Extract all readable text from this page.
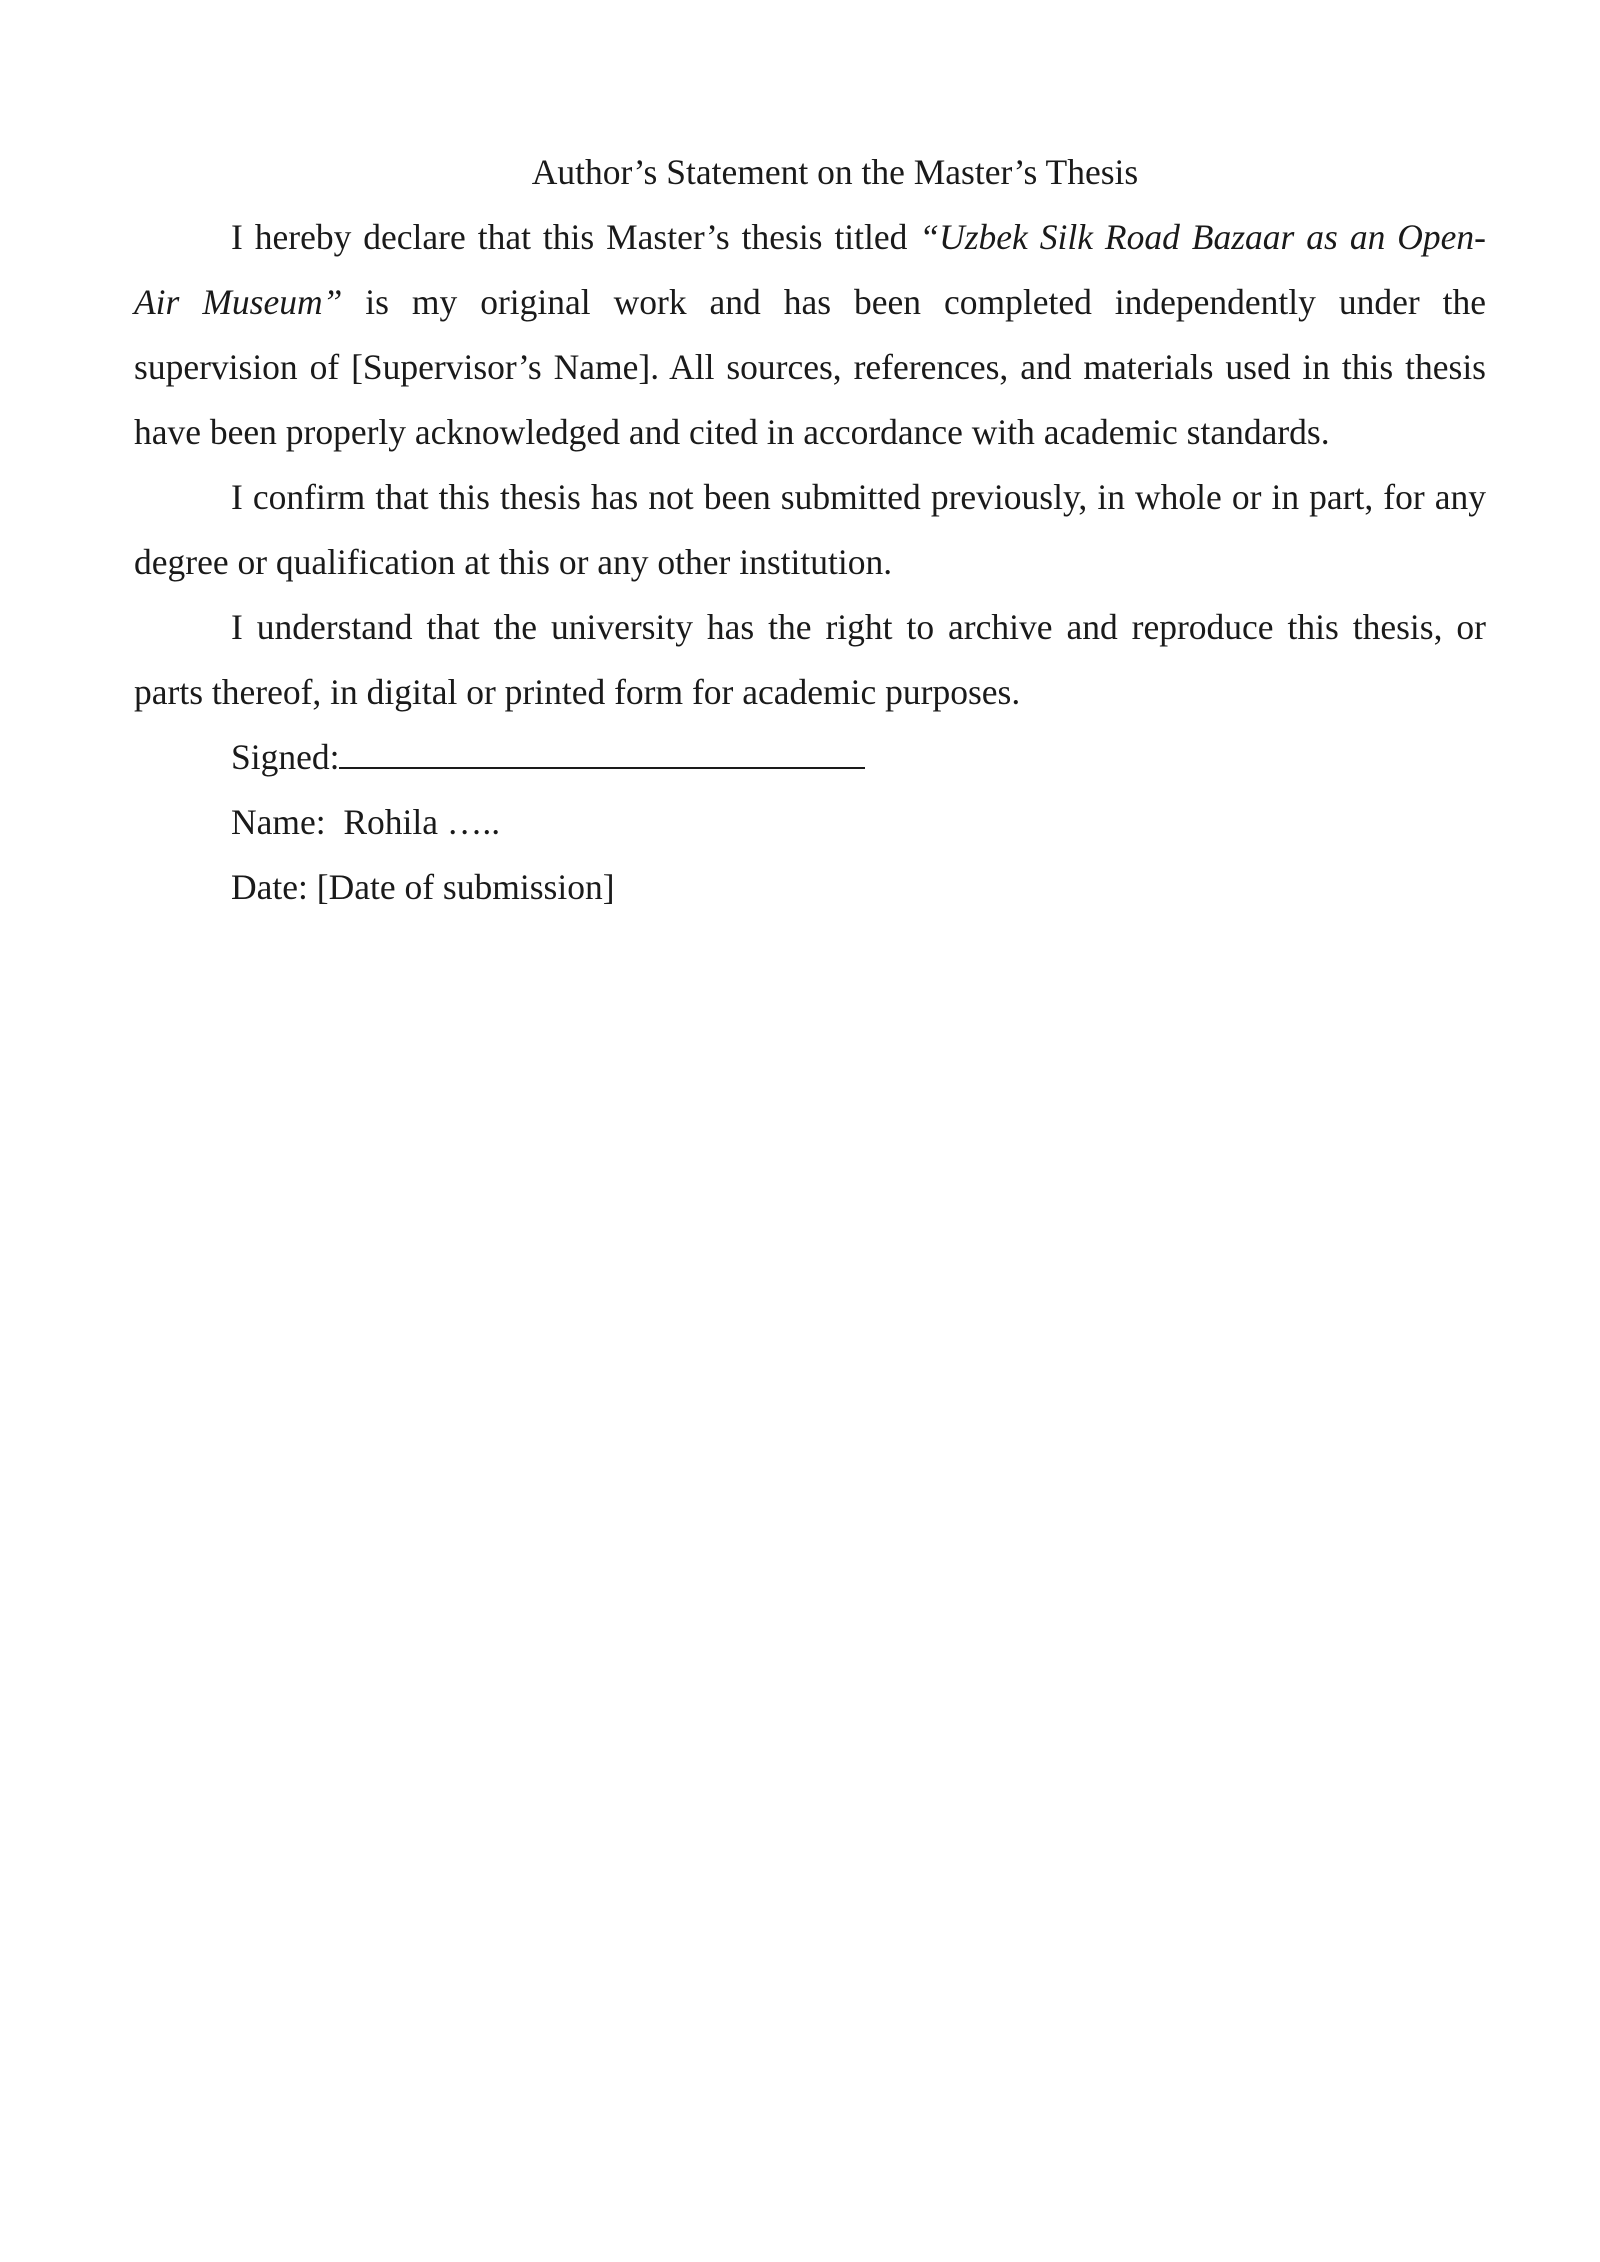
Author’s Statement on the Master’s Thesis

I hereby declare that this Master’s thesis titled “Uzbek Silk Road Bazaar as an Open-Air Museum” is my original work and has been completed independently under the supervision of [Supervisor’s Name]. All sources, references, and materials used in this thesis have been properly acknowledged and cited in accordance with academic standards.

I confirm that this thesis has not been submitted previously, in whole or in part, for any degree or qualification at this or any other institution.

I understand that the university has the right to archive and reproduce this thesis, or parts thereof, in digital or printed form for academic purposes.

Signed:

Name:  Rohila …..

Date: [Date of submission]
